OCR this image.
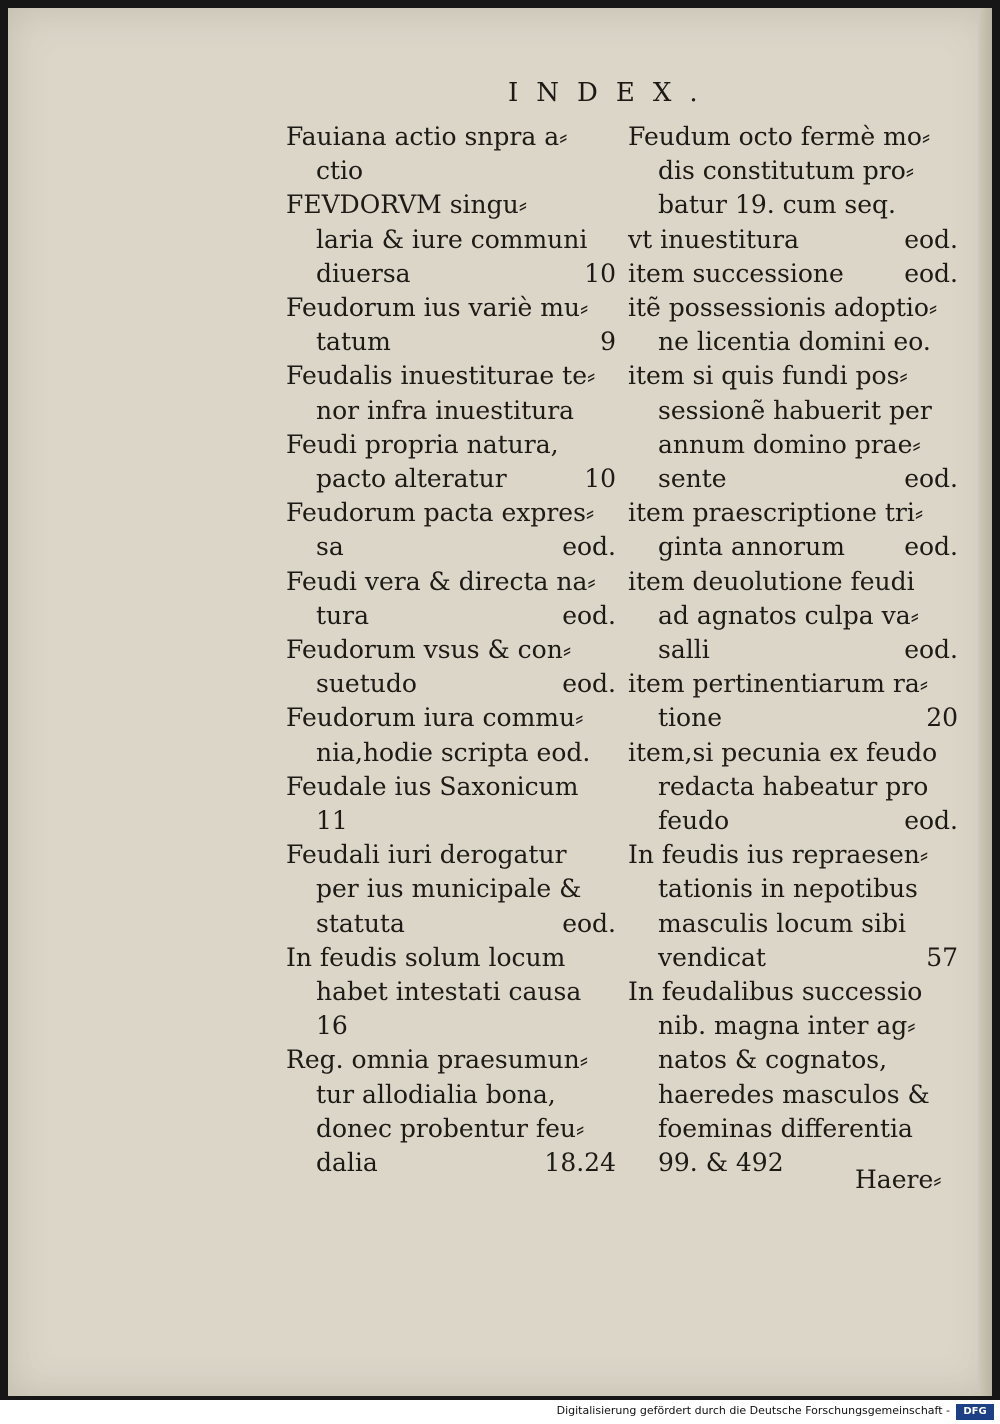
INDEX.
Fauiana actio snpra a⸗
ctio
FEVDORVM singu⸗
laria & iure communi
diuersa	10
Feudorum ius variè mu⸗
tatum	9
Feudalis inuestiturae te⸗
nor infra inuestitura
Feudi propria natura,
pacto alteratur	10
Feudorum pacta expres⸗
sa	eod.
Feudi vera & directa na⸗
tura	eod.
Feudorum vsus & con⸗
suetudo	eod.
Feudorum iura commu⸗
nia,hodie scripta eod.
Feudale ius Saxonicum
11
Feudali iuri derogatur
per ius municipale &
statuta	eod.
In feudis solum locum
habet intestati causa
16
Reg. omnia praesumun⸗
tur allodialia bona,
donec probentur feu⸗
dalia	18.24
Feudum octo fermè mo⸗
dis constitutum pro⸗
batur 19. cum seq.
vt inuestitura	eod.
item successione eod.
itẽ possessionis adoptio⸗
ne licentia domini eo.
item si quis fundi pos⸗
sessionẽ habuerit per
annum domino prae⸗
sente	eod.
item praescriptione tri⸗
ginta annorum eod.
item deuolutione feudi
ad agnatos culpa va⸗
salli	eod.
item pertinentiarum ra⸗
tione	20
item,si pecunia ex feudo
redacta habeatur pro
feudo	eod.
In feudis ius repraesen⸗
tationis in nepotibus
masculis locum sibi
vendicat	57
In feudalibus successio
nib. magna inter ag⸗
natos & cognatos,
haeredes masculos &
foeminas differentia
99. & 492
Haere⸗
Digitalisierung gefördert durch die Deutsche Forschungsgemeinschaft -	DFG
